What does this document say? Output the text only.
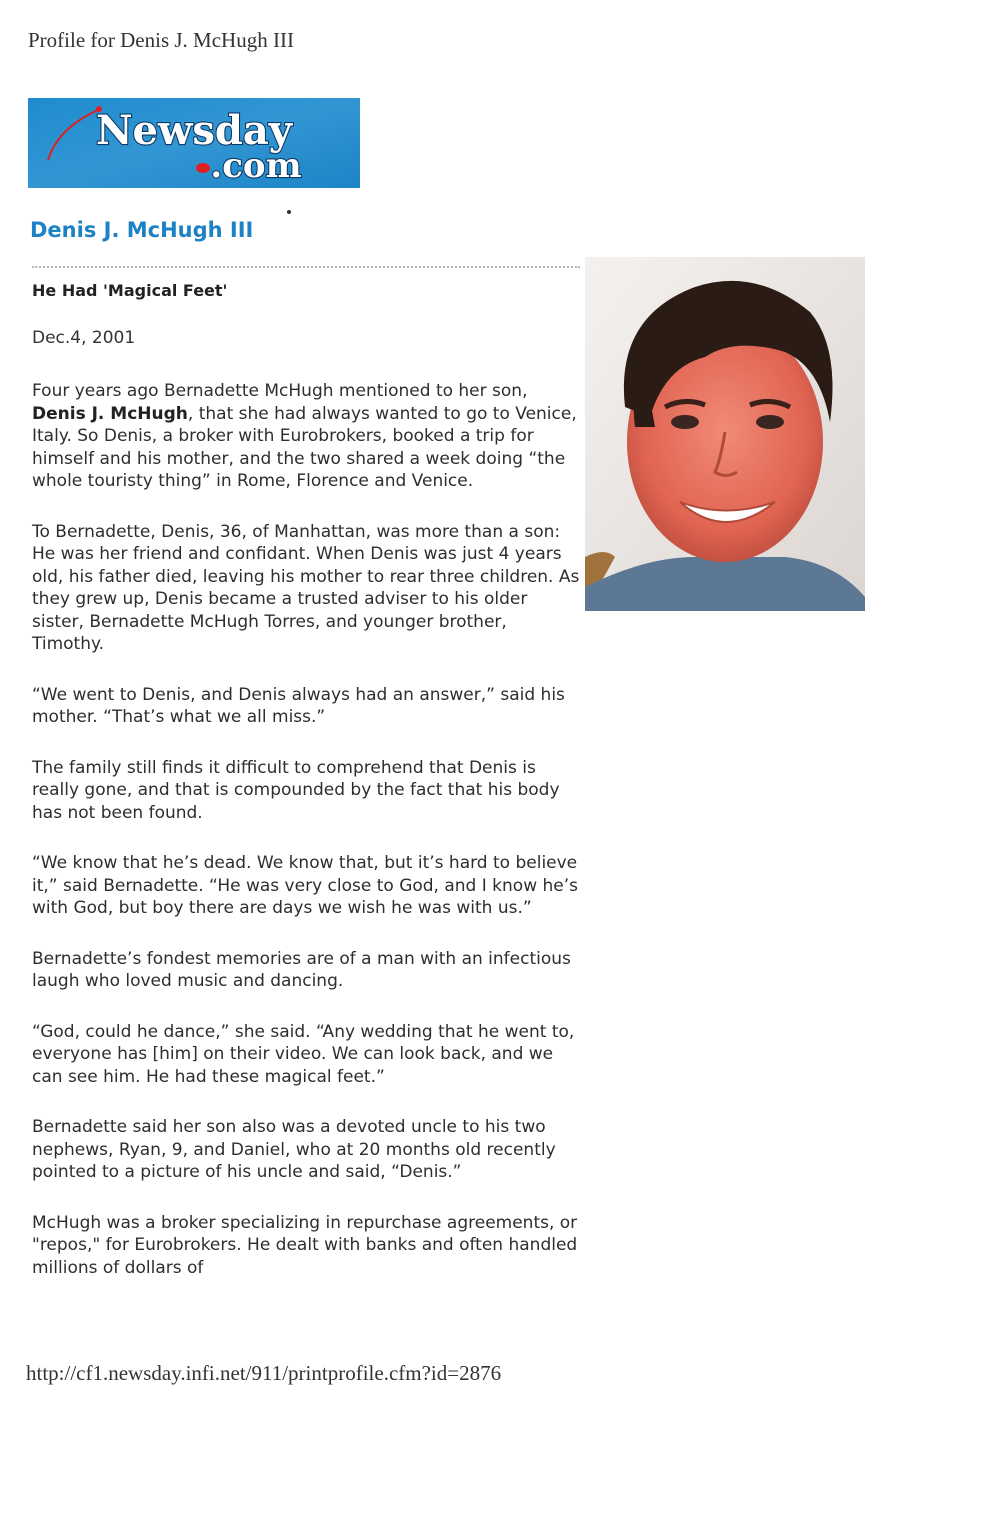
Profile for Denis J. McHugh III
Newsday
.com
Denis J. McHugh III
He Had 'Magical Feet'
Dec.4, 2001

Four years ago Bernadette McHugh mentioned to her son, Denis J. McHugh, that she had always wanted to go to Venice, Italy. So Denis, a broker with Eurobrokers, booked a trip for himself and his mother, and the two shared a week doing “the whole touristy thing” in Rome, Florence and Venice.

To Bernadette, Denis, 36, of Manhattan, was more than a son: He was her friend and confidant. When Denis was just 4 years old, his father died, leaving his mother to rear three children. As they grew up, Denis became a trusted adviser to his older sister, Bernadette McHugh Torres, and younger brother, Timothy.

“We went to Denis, and Denis always had an answer,” said his mother. “That’s what we all miss.”

The family still finds it difficult to comprehend that Denis is really gone, and that is compounded by the fact that his body has not been found.

“We know that he’s dead. We know that, but it’s hard to believe it,” said Bernadette. “He was very close to God, and I know he’s with God, but boy there are days we wish he was with us.”

Bernadette’s fondest memories are of a man with an infectious laugh who loved music and dancing.

“God, could he dance,” she said. “Any wedding that he went to, everyone has [him] on their video. We can look back, and we can see him. He had these magical feet.”

Bernadette said her son also was a devoted uncle to his two nephews, Ryan, 9, and Daniel, who at 20 months old recently pointed to a picture of his uncle and said, “Denis.”

McHugh was a broker specializing in repurchase agreements, or "repos," for Eurobrokers. He dealt with banks and often handled millions of dollars of

http://cf1.newsday.infi.net/911/printprofile.cfm?id=2876
